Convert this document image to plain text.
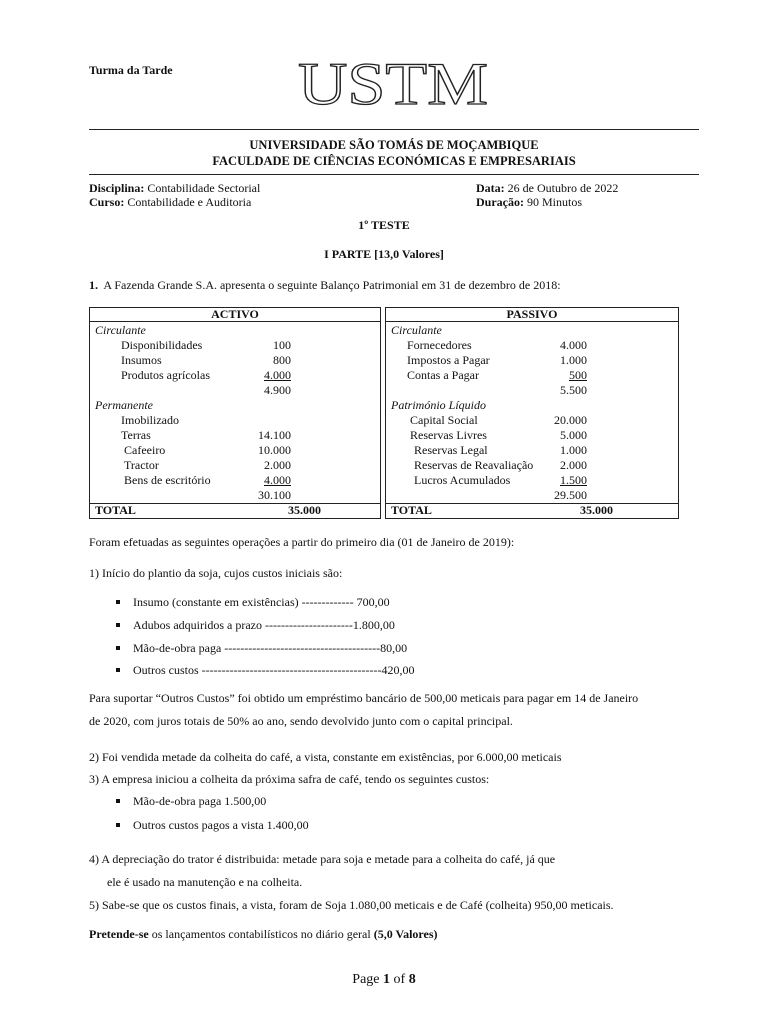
Turma da Tarde USTM
UNIVERSIDADE SÃO TOMÁS DE MOÇAMBIQUE
FACULDADE DE CIÊNCIAS ECONÓMICAS E EMPRESARIAIS
Disciplina: Contabilidade Sectorial
Curso: Contabilidade e Auditoria
Data: 26 de Outubro de 2022
Duração: 90 Minutos
1º TESTE
I PARTE [13,0 Valores]
1. A Fazenda Grande S.A. apresenta o seguinte Balanço Patrimonial em 31 de dezembro de 2018:
ACTIVO	PASSIVO
Circulante
Disponibilidades	100
Insumos	800
Produtos agrícolas	4.000
4.900
Permanente
Imobilizado
Terras	14.100
Cafeeiro	10.000
Tractor	2.000
Bens de escritório	4.000
30.100
TOTAL	35.000
Circulante
Fornecedores	4.000
Impostos a Pagar	1.000
Contas a Pagar	500
5.500
Património Líquido
Capital Social	20.000
Reservas Livres	5.000
Reservas Legal	1.000
Reservas de Reavaliação	2.000
Lucros Acumulados	1.500
29.500
TOTAL	35.000
Foram efetuadas as seguintes operações a partir do primeiro dia (01 de Janeiro de 2019):
1) Início do plantio da soja, cujos custos iniciais são:
Insumo (constante em existências) ------------- 700,00
Adubos adquiridos a prazo ----------------------1.800,00
Mão-de-obra paga ---------------------------------------80,00
Outros custos ---------------------------------------------420,00
Para suportar “Outros Custos” foi obtido um empréstimo bancário de 500,00 meticais para pagar em 14 de Janeiro
de 2020, com juros totais de 50% ao ano, sendo devolvido junto com o capital principal.
2) Foi vendida metade da colheita do café, a vista, constante em existências, por 6.000,00 meticais
3) A empresa iniciou a colheita da próxima safra de café, tendo os seguintes custos:
Mão-de-obra paga 1.500,00
Outros custos pagos a vista 1.400,00
4) A depreciação do trator é distribuida: metade para soja e metade para a colheita do café, já que
ele é usado na manutenção e na colheita.
5) Sabe-se que os custos finais, a vista, foram de Soja 1.080,00 meticais e de Café (colheita) 950,00 meticais.
Pretende-se os lançamentos contabilísticos no diário geral (5,0 Valores)
Page 1 of 8
